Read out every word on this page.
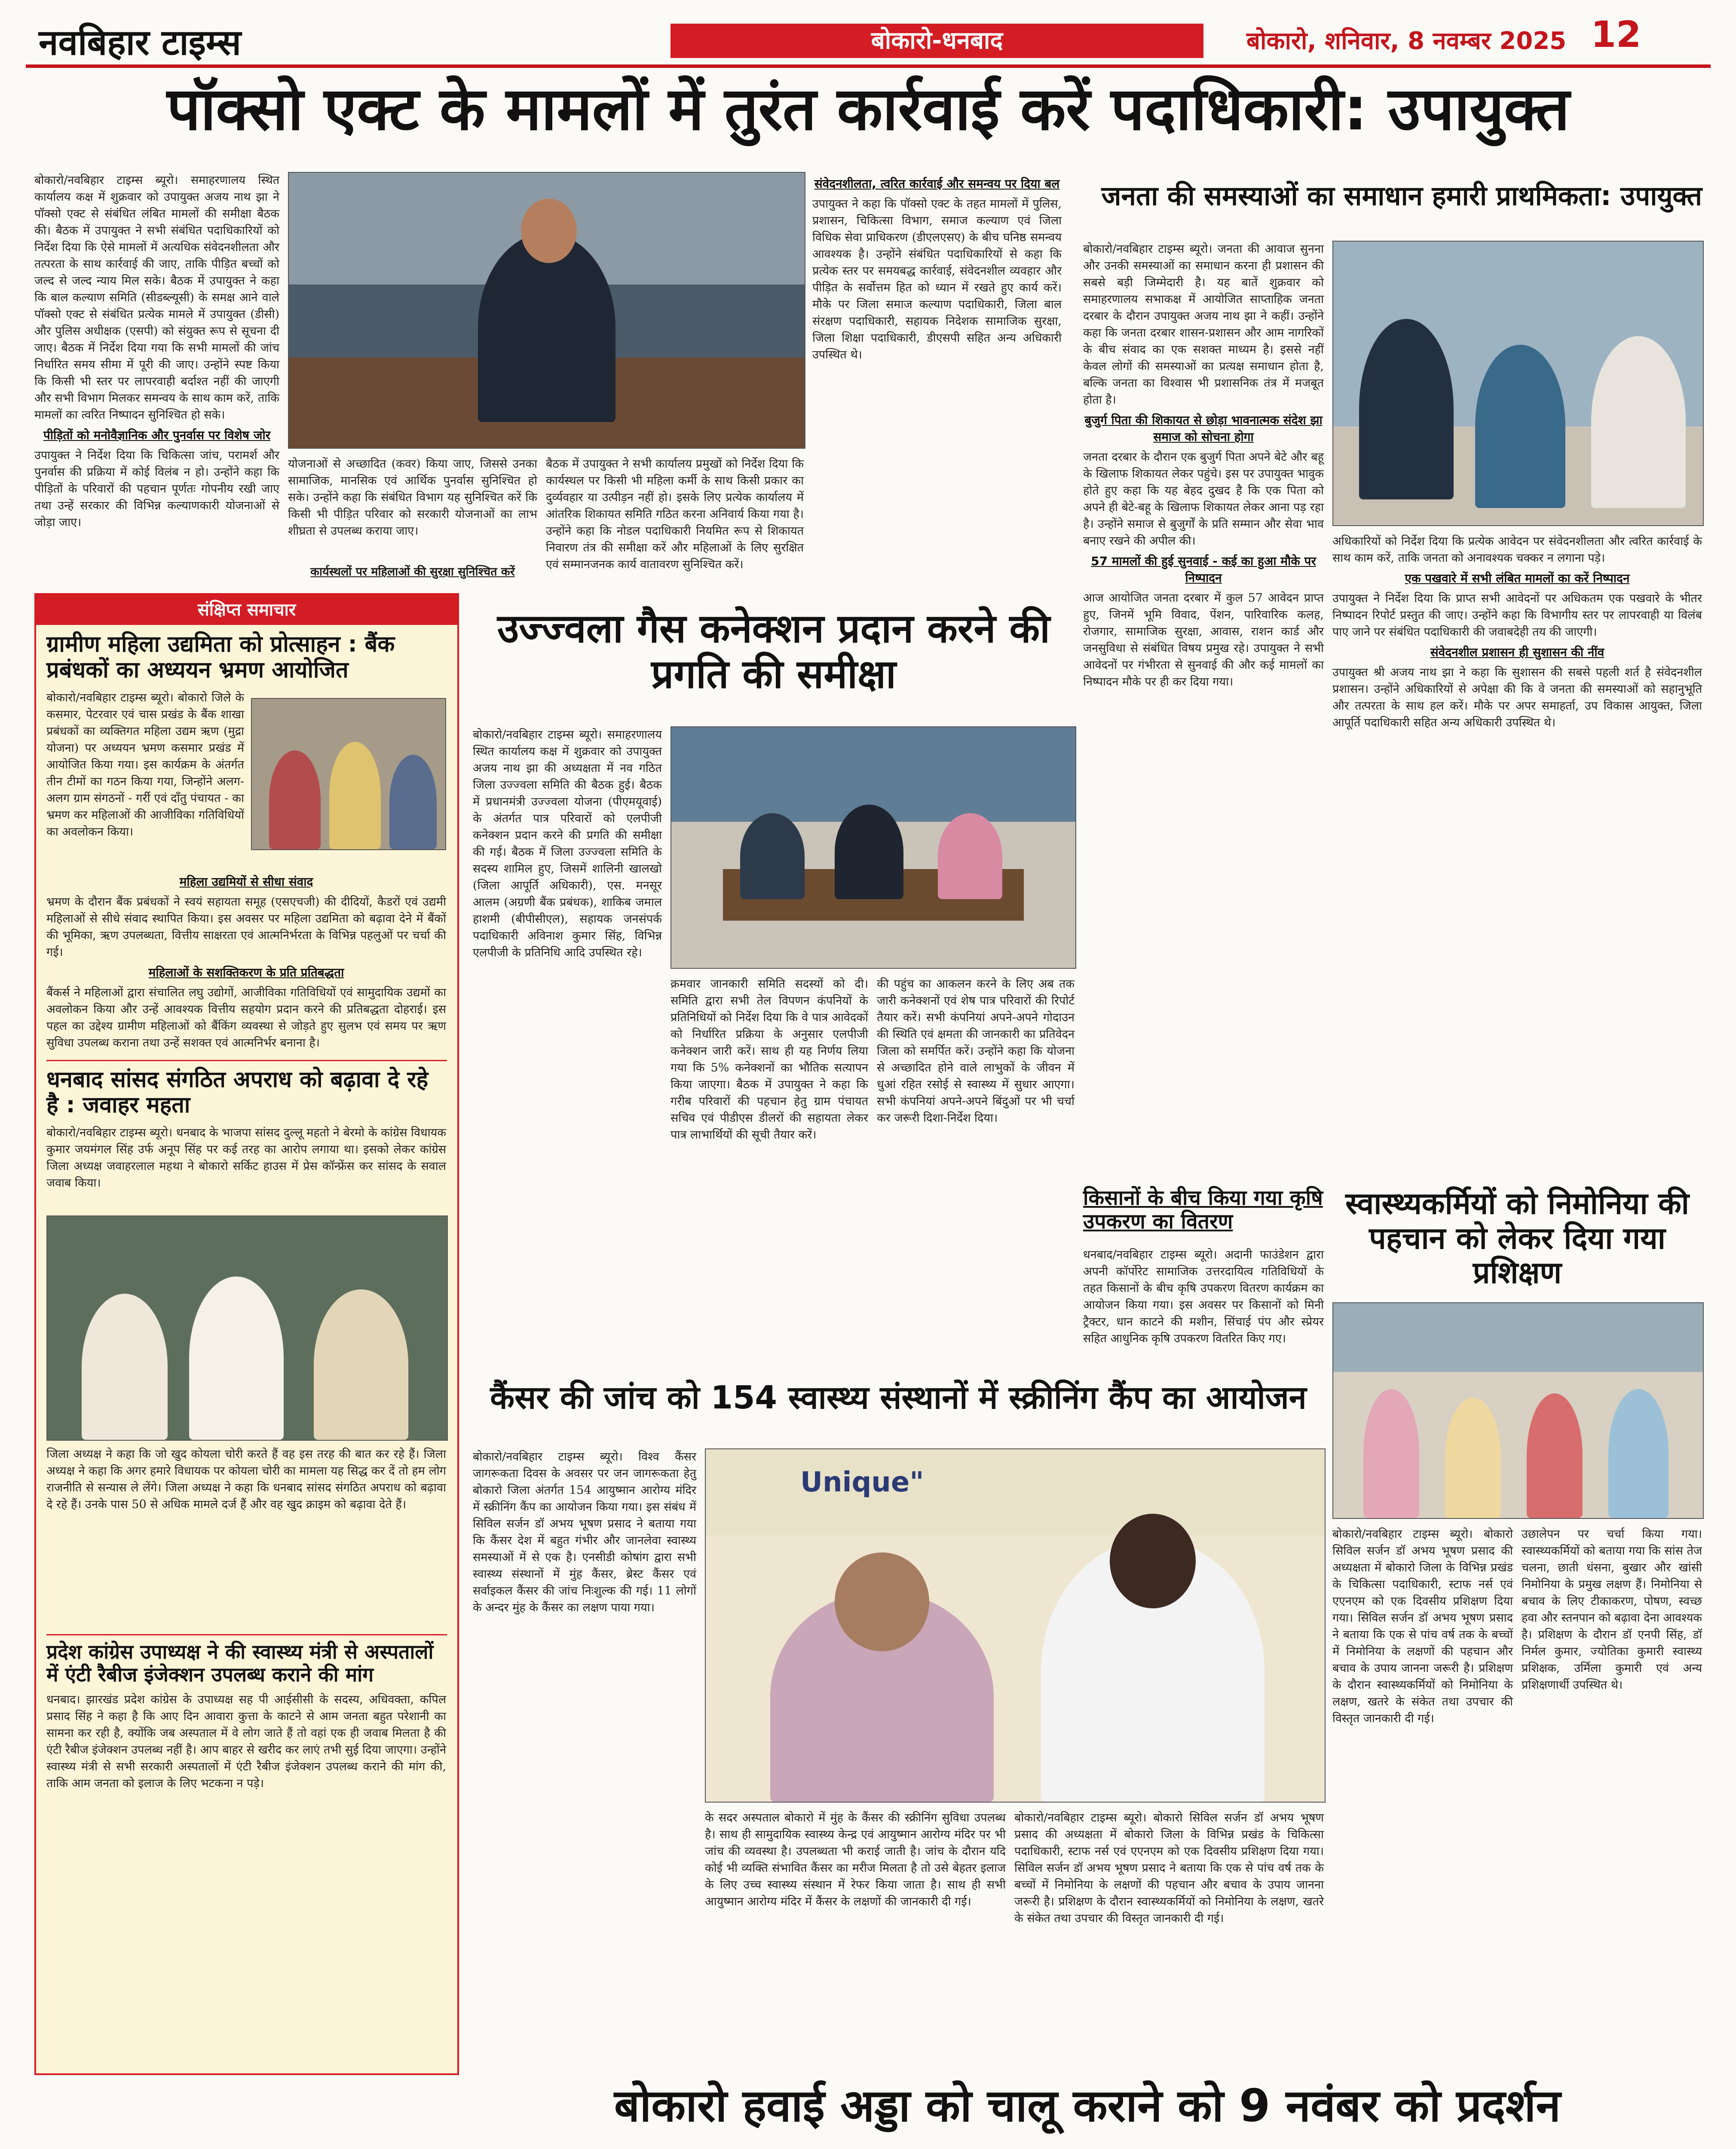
नवबिहार टाइम्स	बोकारो-धनबाद	बोकारो, शनिवार, 8 नवम्बर 2025 12
पॉक्सो एक्ट के मामलों में तुरंत कार्रवाई करें पदाधिकारी: उपायुक्त
बोकारो/नवबिहार टाइम्स ब्यूरो। समाहरणालय स्थित कार्यालय कक्ष में शुक्रवार को उपायुक्त अजय नाथ झा ने पॉक्सो एक्ट से संबंधित लंबित मामलों की समीक्षा बैठक की। बैठक में उपायुक्त ने सभी संबंधित पदाधिकारियों को निर्देश दिया कि ऐसे मामलों में अत्यधिक संवेदनशीलता और तत्परता के साथ कार्रवाई की जाए, ताकि पीड़ित बच्चों को जल्द से जल्द न्याय मिल सके। बैठक में उपायुक्त ने कहा कि बाल कल्याण समिति (सीडब्ल्यूसी) के समक्ष आने वाले पॉक्सो एक्ट से संबंधित प्रत्येक मामले में उपायुक्त (डीसी) और पुलिस अधीक्षक (एसपी) को संयुक्त रूप से सूचना दी जाए। बैठक में निर्देश दिया गया कि सभी मामलों की जांच निर्धारित समय सीमा में पूरी की जाए। उन्होंने स्पष्ट किया कि किसी भी स्तर पर लापरवाही बर्दाश्त नहीं की जाएगी और सभी विभाग मिलकर समन्वय के साथ काम करें, ताकि मामलों का त्वरित निष्पादन सुनिश्चित हो सके।
पीड़ितों को मनोवैज्ञानिक और पुनर्वास पर विशेष जोर
उपायुक्त ने निर्देश दिया कि चिकित्सा जांच, परामर्श और पुनर्वास की प्रक्रिया में कोई विलंब न हो। उन्होंने कहा कि पीड़ितों के परिवारों की पहचान पूर्णतः गोपनीय रखी जाए तथा उन्हें सरकार की विभिन्न कल्याणकारी योजनाओं से जोड़ा जाए।
योजनाओं से अच्छादित (कवर) किया जाए, जिससे उनका सामाजिक, मानसिक एवं आर्थिक पुनर्वास सुनिश्चित हो सके। उन्होंने कहा कि संबंधित विभाग यह सुनिश्चित करें कि किसी भी पीड़ित परिवार को सरकारी योजनाओं का लाभ शीघ्रता से उपलब्ध कराया जाए।
कार्यस्थलों पर महिलाओं की सुरक्षा सुनिश्चित करें
बैठक में उपायुक्त ने सभी कार्यालय प्रमुखों को निर्देश दिया कि कार्यस्थल पर किसी भी महिला कर्मी के साथ किसी प्रकार का दुर्व्यवहार या उत्पीड़न नहीं हो। इसके लिए प्रत्येक कार्यालय में आंतरिक शिकायत समिति गठित करना अनिवार्य किया गया है। उन्होंने कहा कि नोडल पदाधिकारी नियमित रूप से शिकायत निवारण तंत्र की समीक्षा करें और महिलाओं के लिए सुरक्षित एवं सम्मानजनक कार्य वातावरण सुनिश्चित करें।
संवेदनशीलता, त्वरित कार्रवाई और समन्वय पर दिया बल
उपायुक्त ने कहा कि पॉक्सो एक्ट के तहत मामलों में पुलिस, प्रशासन, चिकित्सा विभाग, समाज कल्याण एवं जिला विधिक सेवा प्राधिकरण (डीएलएसए) के बीच घनिष्ठ समन्वय आवश्यक है। उन्होंने संबंधित पदाधिकारियों से कहा कि प्रत्येक स्तर पर समयबद्ध कार्रवाई, संवेदनशील व्यवहार और पीड़ित के सर्वोत्तम हित को ध्यान में रखते हुए कार्य करें। मौके पर जिला समाज कल्याण पदाधिकारी, जिला बाल संरक्षण पदाधिकारी, सहायक निदेशक सामाजिक सुरक्षा, जिला शिक्षा पदाधिकारी, डीएसपी सहित अन्य अधिकारी उपस्थित थे।
जनता की समस्याओं का समाधान हमारी प्राथमिकता: उपायुक्त
बोकारो/नवबिहार टाइम्स ब्यूरो। जनता की आवाज सुनना और उनकी समस्याओं का समाधान करना ही प्रशासन की सबसे बड़ी जिम्मेदारी है। यह बातें शुक्रवार को समाहरणालय सभाकक्ष में आयोजित साप्ताहिक जनता दरबार के दौरान उपायुक्त अजय नाथ झा ने कहीं। उन्होंने कहा कि जनता दरबार शासन-प्रशासन और आम नागरिकों के बीच संवाद का एक सशक्त माध्यम है। इससे नहीं केवल लोगों की समस्याओं का प्रत्यक्ष समाधान होता है, बल्कि जनता का विश्वास भी प्रशासनिक तंत्र में मजबूत होता है।
बुजुर्ग पिता की शिकायत से छोड़ा भावनात्मक संदेश झा समाज को सोचना होगा
जनता दरबार के दौरान एक बुजुर्ग पिता अपने बेटे और बहू के खिलाफ शिकायत लेकर पहुंचे। इस पर उपायुक्त भावुक होते हुए कहा कि यह बेहद दुखद है कि एक पिता को अपने ही बेटे-बहू के खिलाफ शिकायत लेकर आना पड़ रहा है। उन्होंने समाज से बुजुर्गों के प्रति सम्मान और सेवा भाव बनाए रखने की अपील की।
57 मामलों की हुई सुनवाई - कई का हुआ मौके पर निष्पादन
आज आयोजित जनता दरबार में कुल 57 आवेदन प्राप्त हुए, जिनमें भूमि विवाद, पेंशन, पारिवारिक कलह, रोजगार, सामाजिक सुरक्षा, आवास, राशन कार्ड और जनसुविधा से संबंधित विषय प्रमुख रहे। उपायुक्त ने सभी आवेदनों पर गंभीरता से सुनवाई की और कई मामलों का निष्पादन मौके पर ही कर दिया गया।
अधिकारियों को निर्देश दिया कि प्रत्येक आवेदन पर संवेदनशीलता और त्वरित कार्रवाई के साथ काम करें, ताकि जनता को अनावश्यक चक्कर न लगाना पड़े।
एक पखवारे में सभी लंबित मामलों का करें निष्पादन
उपायुक्त ने निर्देश दिया कि प्राप्त सभी आवेदनों पर अधिकतम एक पखवारे के भीतर निष्पादन रिपोर्ट प्रस्तुत की जाए। उन्होंने कहा कि विभागीय स्तर पर लापरवाही या विलंब पाए जाने पर संबंधित पदाधिकारी की जवाबदेही तय की जाएगी।
संवेदनशील प्रशासन ही सुशासन की नींव
उपायुक्त श्री अजय नाथ झा ने कहा कि सुशासन की सबसे पहली शर्त है संवेदनशील प्रशासन। उन्होंने अधिकारियों से अपेक्षा की कि वे जनता की समस्याओं को सहानुभूति और तत्परता के साथ हल करें। मौके पर अपर समाहर्ता, उप विकास आयुक्त, जिला आपूर्ति पदाधिकारी सहित अन्य अधिकारी उपस्थित थे।
संक्षिप्त समाचार
ग्रामीण महिला उद्यमिता को प्रोत्साहन : बैंक प्रबंधकों का अध्ययन भ्रमण आयोजित
बोकारो/नवबिहार टाइम्स ब्यूरो। बोकारो जिले के कसमार, पेटरवार एवं चास प्रखंड के बैंक शाखा प्रबंधकों का व्यक्तिगत महिला उद्यम ऋण (मुद्रा योजना) पर अध्ययन भ्रमण कसमार प्रखंड में आयोजित किया गया। इस कार्यक्रम के अंतर्गत तीन टीमों का गठन किया गया, जिन्होंने अलग-अलग ग्राम संगठनों - गर्री एवं दाँतु पंचायत - का भ्रमण कर महिलाओं की आजीविका गतिविधियों का अवलोकन किया।
महिला उद्यमियों से सीधा संवाद
भ्रमण के दौरान बैंक प्रबंधकों ने स्वयं सहायता समूह (एसएचजी) की दीदियों, कैडरों एवं उद्यमी महिलाओं से सीधे संवाद स्थापित किया। इस अवसर पर महिला उद्यमिता को बढ़ावा देने में बैंकों की भूमिका, ऋण उपलब्धता, वित्तीय साक्षरता एवं आत्मनिर्भरता के विभिन्न पहलुओं पर चर्चा की गई।
महिलाओं के सशक्तिकरण के प्रति प्रतिबद्धता
बैंकर्स ने महिलाओं द्वारा संचालित लघु उद्योगों, आजीविका गतिविधियों एवं सामुदायिक उद्यमों का अवलोकन किया और उन्हें आवश्यक वित्तीय सहयोग प्रदान करने की प्रतिबद्धता दोहराई। इस पहल का उद्देश्य ग्रामीण महिलाओं को बैंकिंग व्यवस्था से जोड़ते हुए सुलभ एवं समय पर ऋण सुविधा उपलब्ध कराना तथा उन्हें सशक्त एवं आत्मनिर्भर बनाना है।
धनबाद सांसद संगठित अपराध को बढ़ावा दे रहे है : जवाहर महता
बोकारो/नवबिहार टाइम्स ब्यूरो। धनबाद के भाजपा सांसद दुल्लू महतो ने बेरमो के कांग्रेस विधायक कुमार जयमंगल सिंह उर्फ अनूप सिंह पर कई तरह का आरोप लगाया था। इसको लेकर कांग्रेस जिला अध्यक्ष जवाहरलाल महथा ने बोकारो सर्किट हाउस में प्रेस कॉन्फ्रेंस कर सांसद के सवाल जवाब किया।
जिला अध्यक्ष ने कहा कि जो खुद कोयला चोरी करते हैं वह इस तरह की बात कर रहे हैं। जिला अध्यक्ष ने कहा कि अगर हमारे विधायक पर कोयला चोरी का मामला यह सिद्ध कर दें तो हम लोग राजनीति से सन्यास ले लेंगे। जिला अध्यक्ष ने कहा कि धनबाद सांसद संगठित अपराध को बढ़ावा दे रहे हैं। उनके पास 50 से अधिक मामले दर्ज हैं और वह खुद क्राइम को बढ़ावा देते हैं।
प्रदेश कांग्रेस उपाध्यक्ष ने की स्वास्थ्य मंत्री से अस्पतालों में एंटी रैबीज इंजेक्शन उपलब्ध कराने की मांग
धनबाद। झारखंड प्रदेश कांग्रेस के उपाध्यक्ष सह पी आईसीसी के सदस्य, अधिवक्ता, कपिल प्रसाद सिंह ने कहा है कि आए दिन आवारा कुत्ता के काटने से आम जनता बहुत परेशानी का सामना कर रही है, क्योंकि जब अस्पताल में वे लोग जाते हैं तो वहां एक ही जवाब मिलता है की एंटी रैबीज इंजेक्शन उपलब्ध नहीं है। आप बाहर से खरीद कर लाएं तभी सुई दिया जाएगा। उन्होंने स्वास्थ्य मंत्री से सभी सरकारी अस्पतालों में एंटी रैबीज इंजेक्शन उपलब्ध कराने की मांग की, ताकि आम जनता को इलाज के लिए भटकना न पड़े।
उज्ज्वला गैस कनेक्शन प्रदान करने की प्रगति की समीक्षा
बोकारो/नवबिहार टाइम्स ब्यूरो। समाहरणालय स्थित कार्यालय कक्ष में शुक्रवार को उपायुक्त अजय नाथ झा की अध्यक्षता में नव गठित जिला उज्ज्वला समिति की बैठक हुई। बैठक में प्रधानमंत्री उज्ज्वला योजना (पीएमयूवाई) के अंतर्गत पात्र परिवारों को एलपीजी कनेक्शन प्रदान करने की प्रगति की समीक्षा की गई। बैठक में जिला उज्ज्वला समिति के सदस्य शामिल हुए, जिसमें शालिनी खालखो (जिला आपूर्ति अधिकारी), एस. मनसूर आलम (अग्रणी बैंक प्रबंधक), शाकिब जमाल हाशमी (बीपीसीएल), सहायक जनसंपर्क पदाधिकारी अविनाश कुमार सिंह, विभिन्न एलपीजी के प्रतिनिधि आदि उपस्थित रहे।
क्रमवार जानकारी समिति सदस्यों को दी। समिति द्वारा सभी तेल विपणन कंपनियों के प्रतिनिधियों को निर्देश दिया कि वे पात्र आवेदकों को निर्धारित प्रक्रिया के अनुसार एलपीजी कनेक्शन जारी करें। साथ ही यह निर्णय लिया गया कि 5% कनेक्शनों का भौतिक सत्यापन किया जाएगा। बैठक में उपायुक्त ने कहा कि गरीब परिवारों की पहचान हेतु ग्राम पंचायत सचिव एवं पीडीएस डीलरों की सहायता लेकर पात्र लाभार्थियों की सूची तैयार करें।
की पहुंच का आकलन करने के लिए अब तक जारी कनेक्शनों एवं शेष पात्र परिवारों की रिपोर्ट तैयार करें। सभी कंपनियां अपने-अपने गोदाउन की स्थिति एवं क्षमता की जानकारी का प्रतिवेदन जिला को समर्पित करें। उन्होंने कहा कि योजना से अच्छादित होने वाले लाभुकों के जीवन में धुआं रहित रसोई से स्वास्थ्य में सुधार आएगा। सभी कंपनियां अपने-अपने बिंदुओं पर भी चर्चा कर जरूरी दिशा-निर्देश दिया।
किसानों के बीच किया गया कृषि उपकरण का वितरण
धनबाद/नवबिहार टाइम्स ब्यूरो। अदानी फाउंडेशन द्वारा अपनी कॉर्पोरेट सामाजिक उत्तरदायित्व गतिविधियों के तहत किसानों के बीच कृषि उपकरण वितरण कार्यक्रम का आयोजन किया गया। इस अवसर पर किसानों को मिनी ट्रैक्टर, धान काटने की मशीन, सिंचाई पंप और स्प्रेयर सहित आधुनिक कृषि उपकरण वितरित किए गए।
स्वास्थ्यकर्मियों को निमोनिया की पहचान को लेकर दिया गया प्रशिक्षण
बोकारो/नवबिहार टाइम्स ब्यूरो। बोकारो सिविल सर्जन डॉ अभय भूषण प्रसाद की अध्यक्षता में बोकारो जिला के विभिन्न प्रखंड के चिकित्सा पदाधिकारी, स्टाफ नर्स एवं एएनएम को एक दिवसीय प्रशिक्षण दिया गया। सिविल सर्जन डॉ अभय भूषण प्रसाद ने बताया कि एक से पांच वर्ष तक के बच्चों में निमोनिया के लक्षणों की पहचान और बचाव के उपाय जानना जरूरी है। प्रशिक्षण के दौरान स्वास्थ्यकर्मियों को निमोनिया के लक्षण, खतरे के संकेत तथा उपचार की विस्तृत जानकारी दी गई।
उछालेपन पर चर्चा किया गया। स्वास्थ्यकर्मियों को बताया गया कि सांस तेज चलना, छाती धंसना, बुखार और खांसी निमोनिया के प्रमुख लक्षण हैं। निमोनिया से बचाव के लिए टीकाकरण, पोषण, स्वच्छ हवा और स्तनपान को बढ़ावा देना आवश्यक है। प्रशिक्षण के दौरान डॉ एनपी सिंह, डॉ निर्मल कुमार, ज्योतिका कुमारी स्वास्थ्य प्रशिक्षक, उर्मिला कुमारी एवं अन्य प्रशिक्षणार्थी उपस्थित थे।
कैंसर की जांच को 154 स्वास्थ्य संस्थानों में स्क्रीनिंग कैंप का आयोजन
बोकारो/नवबिहार टाइम्स ब्यूरो। विश्व कैंसर जागरूकता दिवस के अवसर पर जन जागरूकता हेतु बोकारो जिला अंतर्गत 154 आयुष्मान आरोग्य मंदिर में स्क्रीनिंग कैंप का आयोजन किया गया। इस संबंध में सिविल सर्जन डॉ अभय भूषण प्रसाद ने बताया गया कि कैंसर देश में बहुत गंभीर और जानलेवा स्वास्थ्य समस्याओं में से एक है। एनसीडी कोषांग द्वारा सभी स्वास्थ्य संस्थानों में मुंह कैंसर, ब्रेस्ट कैंसर एवं सर्वाइकल कैंसर की जांच निःशुल्क की गई। 11 लोगों के अन्दर मुंह के कैंसर का लक्षण पाया गया।
Unique"
के सदर अस्पताल बोकारो में मुंह के कैंसर की स्क्रीनिंग सुविधा उपलब्ध है। साथ ही सामुदायिक स्वास्थ्य केन्द्र एवं आयुष्मान आरोग्य मंदिर पर भी जांच की व्यवस्था है। उपलब्धता भी कराई जाती है। जांच के दौरान यदि कोई भी व्यक्ति संभावित कैंसर का मरीज मिलता है तो उसे बेहतर इलाज के लिए उच्च स्वास्थ्य संस्थान में रेफर किया जाता है। साथ ही सभी आयुष्मान आरोग्य मंदिर में कैंसर के लक्षणों की जानकारी दी गई।
बोकारो/नवबिहार टाइम्स ब्यूरो। बोकारो सिविल सर्जन डॉ अभय भूषण प्रसाद की अध्यक्षता में बोकारो जिला के विभिन्न प्रखंड के चिकित्सा पदाधिकारी, स्टाफ नर्स एवं एएनएम को एक दिवसीय प्रशिक्षण दिया गया। सिविल सर्जन डॉ अभय भूषण प्रसाद ने बताया कि एक से पांच वर्ष तक के बच्चों में निमोनिया के लक्षणों की पहचान और बचाव के उपाय जानना जरूरी है। प्रशिक्षण के दौरान स्वास्थ्यकर्मियों को निमोनिया के लक्षण, खतरे के संकेत तथा उपचार की विस्तृत जानकारी दी गई।
बोकारो हवाई अड्डा को चालू कराने को 9 नवंबर को प्रदर्शन
